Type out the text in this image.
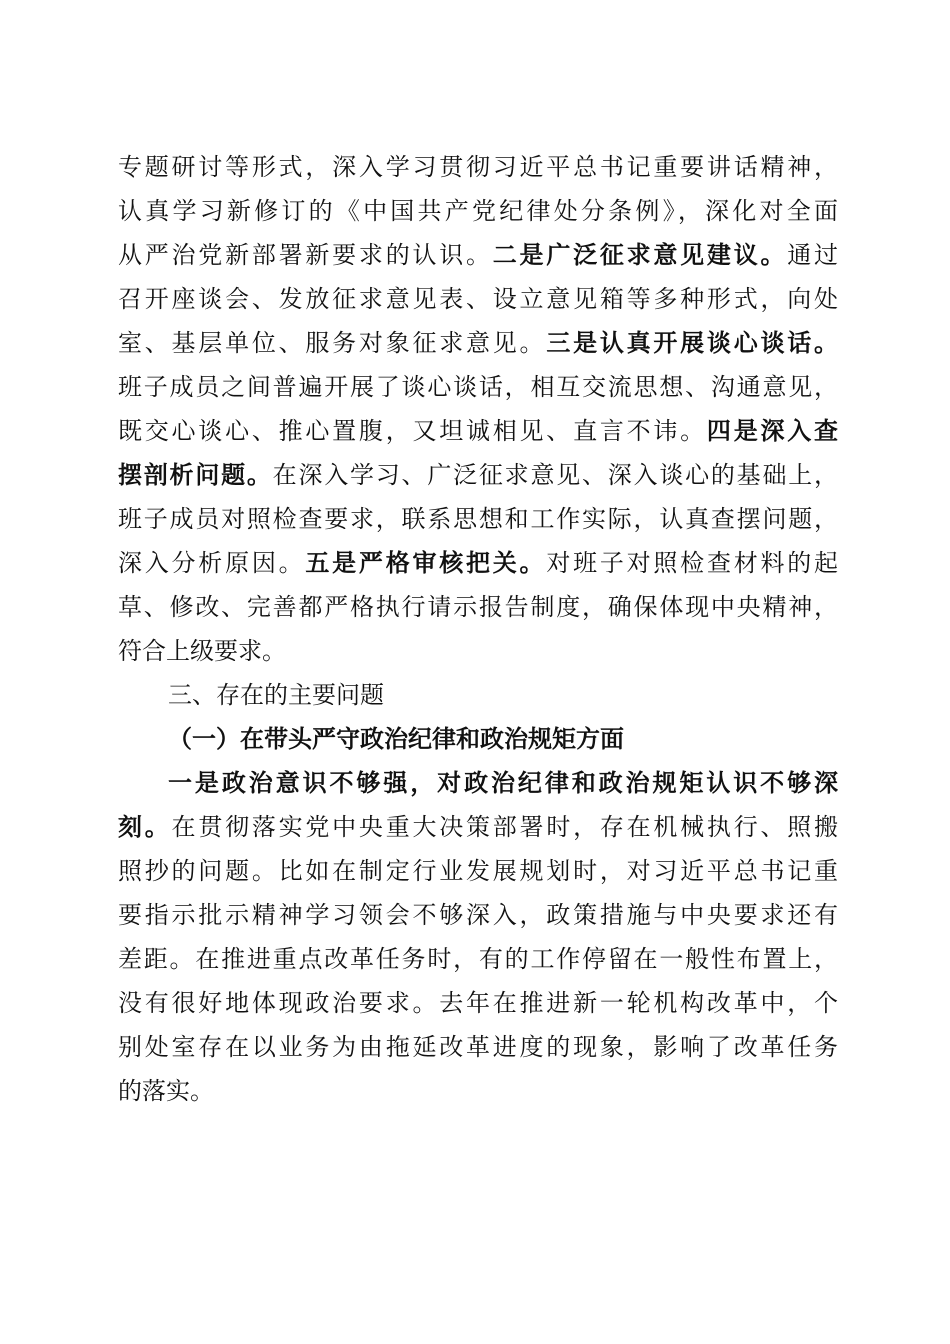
专题研讨等形式，深入学习贯彻习近平总书记重要讲话精神，
认真学习新修订的《中国共产党纪律处分条例》，深化对全面
从严治党新部署新要求的认识。二是广泛征求意见建议。通过
召开座谈会、发放征求意见表、设立意见箱等多种形式，向处
室、基层单位、服务对象征求意见。三是认真开展谈心谈话。
班子成员之间普遍开展了谈心谈话，相互交流思想、沟通意见，
既交心谈心、推心置腹，又坦诚相见、直言不讳。四是深入查
摆剖析问题。在深入学习、广泛征求意见、深入谈心的基础上，
班子成员对照检查要求，联系思想和工作实际，认真查摆问题，
深入分析原因。五是严格审核把关。对班子对照检查材料的起
草、修改、完善都严格执行请示报告制度，确保体现中央精神，
符合上级要求。
三、存在的主要问题
（一）在带头严守政治纪律和政治规矩方面
一是政治意识不够强，对政治纪律和政治规矩认识不够深
刻。在贯彻落实党中央重大决策部署时，存在机械执行、照搬
照抄的问题。比如在制定行业发展规划时，对习近平总书记重
要指示批示精神学习领会不够深入，政策措施与中央要求还有
差距。在推进重点改革任务时，有的工作停留在一般性布置上，
没有很好地体现政治要求。去年在推进新一轮机构改革中，个
别处室存在以业务为由拖延改革进度的现象，影响了改革任务
的落实。
